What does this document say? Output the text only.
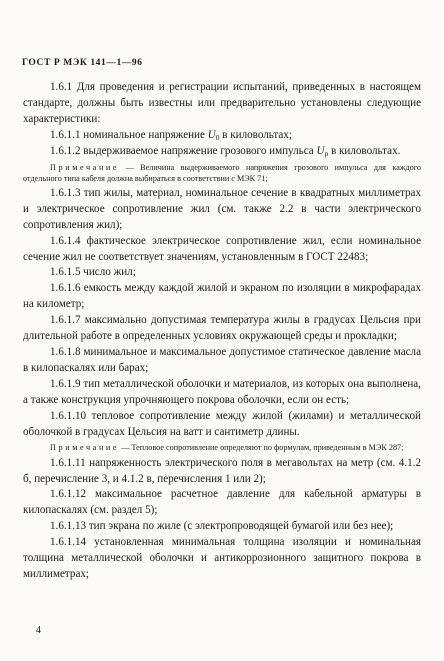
ГОСТ Р МЭК 141—1—96

1.6.1 Для проведения и регистрации испытаний, приведенных в настоящем стандарте, должны быть известны или предварительно установлены следующие характеристики:

1.6.1.1 номинальное напряжение $U_0$ в киловольтах;

1.6.1.2 выдерживаемое напряжение грозового импульса $U_p$ в киловольтах.

Примечание — Величина выдерживаемого напряжения грозового импульса для каждого отдельного типа кабеля должна выбираться в соответствии с МЭК 71;

1.6.1.3 тип жилы, материал, номинальное сечение в квадратных миллиметрах и электрическое сопротивление жил (см. также 2.2 в части электрического сопротивления жил);

1.6.1.4 фактическое электрическое сопротивление жил, если номинальное сечение жил не соответствует значениям, установленным в ГОСТ 22483;

1.6.1.5 число жил;

1.6.1.6 емкость между каждой жилой и экраном по изоляции в микрофарадах на километр;

1.6.1.7 максимально допустимая температура жилы в градусах Цельсия при длительной работе в определенных условиях окружающей среды и прокладки;

1.6.1.8 минимальное и максимальное допустимое статическое давление масла в килопаскалях или барах;

1.6.1.9 тип металлической оболочки и материалов, из которых она выполнена, а также конструкция упрочняющего покрова оболочки, если он есть;

1.6.1.10 тепловое сопротивление между жилой (жилами) и металлической оболочкой в градусах Цельсия на ватт и сантиметр длины.

Примечание — Тепловое сопротивление определяют по формулам, приведенным в МЭК 287;

1.6.1.11 напряженность электрического поля в мегавольтах на метр (см. 4.1.2 б, перечисление 3, и 4.1.2 в, перечисления 1 или 2);

1.6.1.12 максимальное расчетное давление для кабельной арматуры в килопаскалях (см. раздел 5);

1.6.1.13 тип экрана по жиле (с электропроводящей бумагой или без нее);

1.6.1.14 установленная минимальная толщина изоляции и номинальная толщина металлической оболочки и антикоррозионного защитного покрова в миллиметрах;

4
